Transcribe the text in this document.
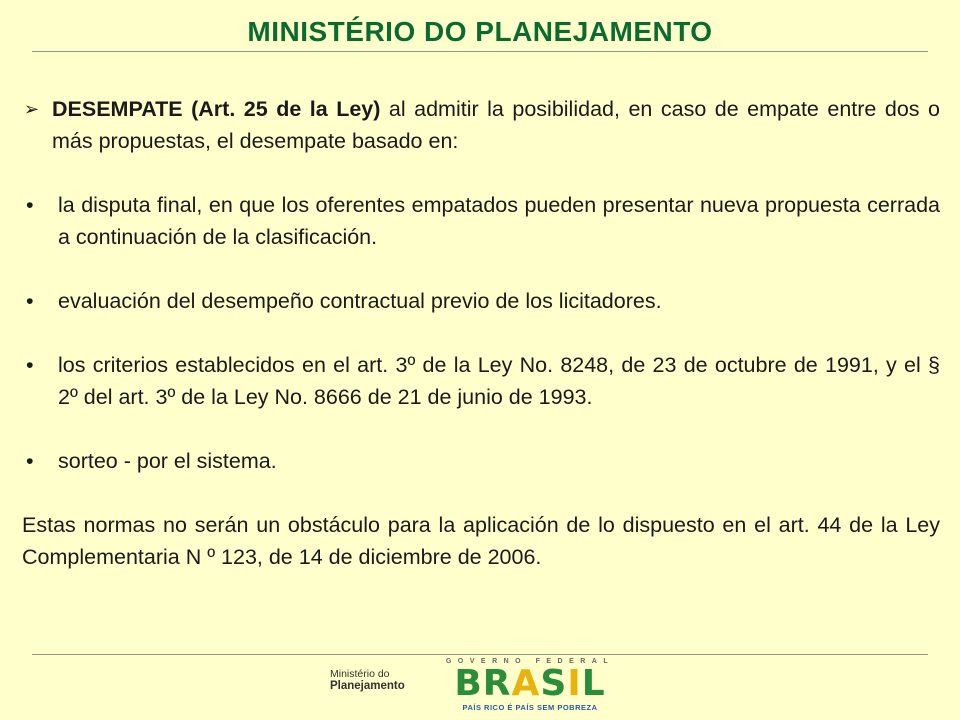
MINISTÉRIO DO PLANEJAMENTO

➢ DESEMPATE (Art. 25 de la Ley) al admitir la posibilidad, en caso de empate entre dos o más propuestas, el desempate basado en:

• la disputa final, en que los oferentes empatados pueden presentar nueva propuesta cerrada a continuación de la clasificación.

• evaluación del desempeño contractual previo de los licitadores.

• los criterios establecidos en el art. 3º de la Ley No. 8248, de 23 de octubre de 1991, y el § 2º del art. 3º de la Ley No. 8666 de 21 de junio de 1993.

• sorteo - por el sistema.

Estas normas no serán un obstáculo para la aplicación de lo dispuesto en el art. 44 de la Ley Complementaria N º 123, de 14 de diciembre de 2006.

Ministério do
Planejamento
GOVERNO FEDERAL
BRASIL
PAÍS RICO É PAÍS SEM POBREZA
